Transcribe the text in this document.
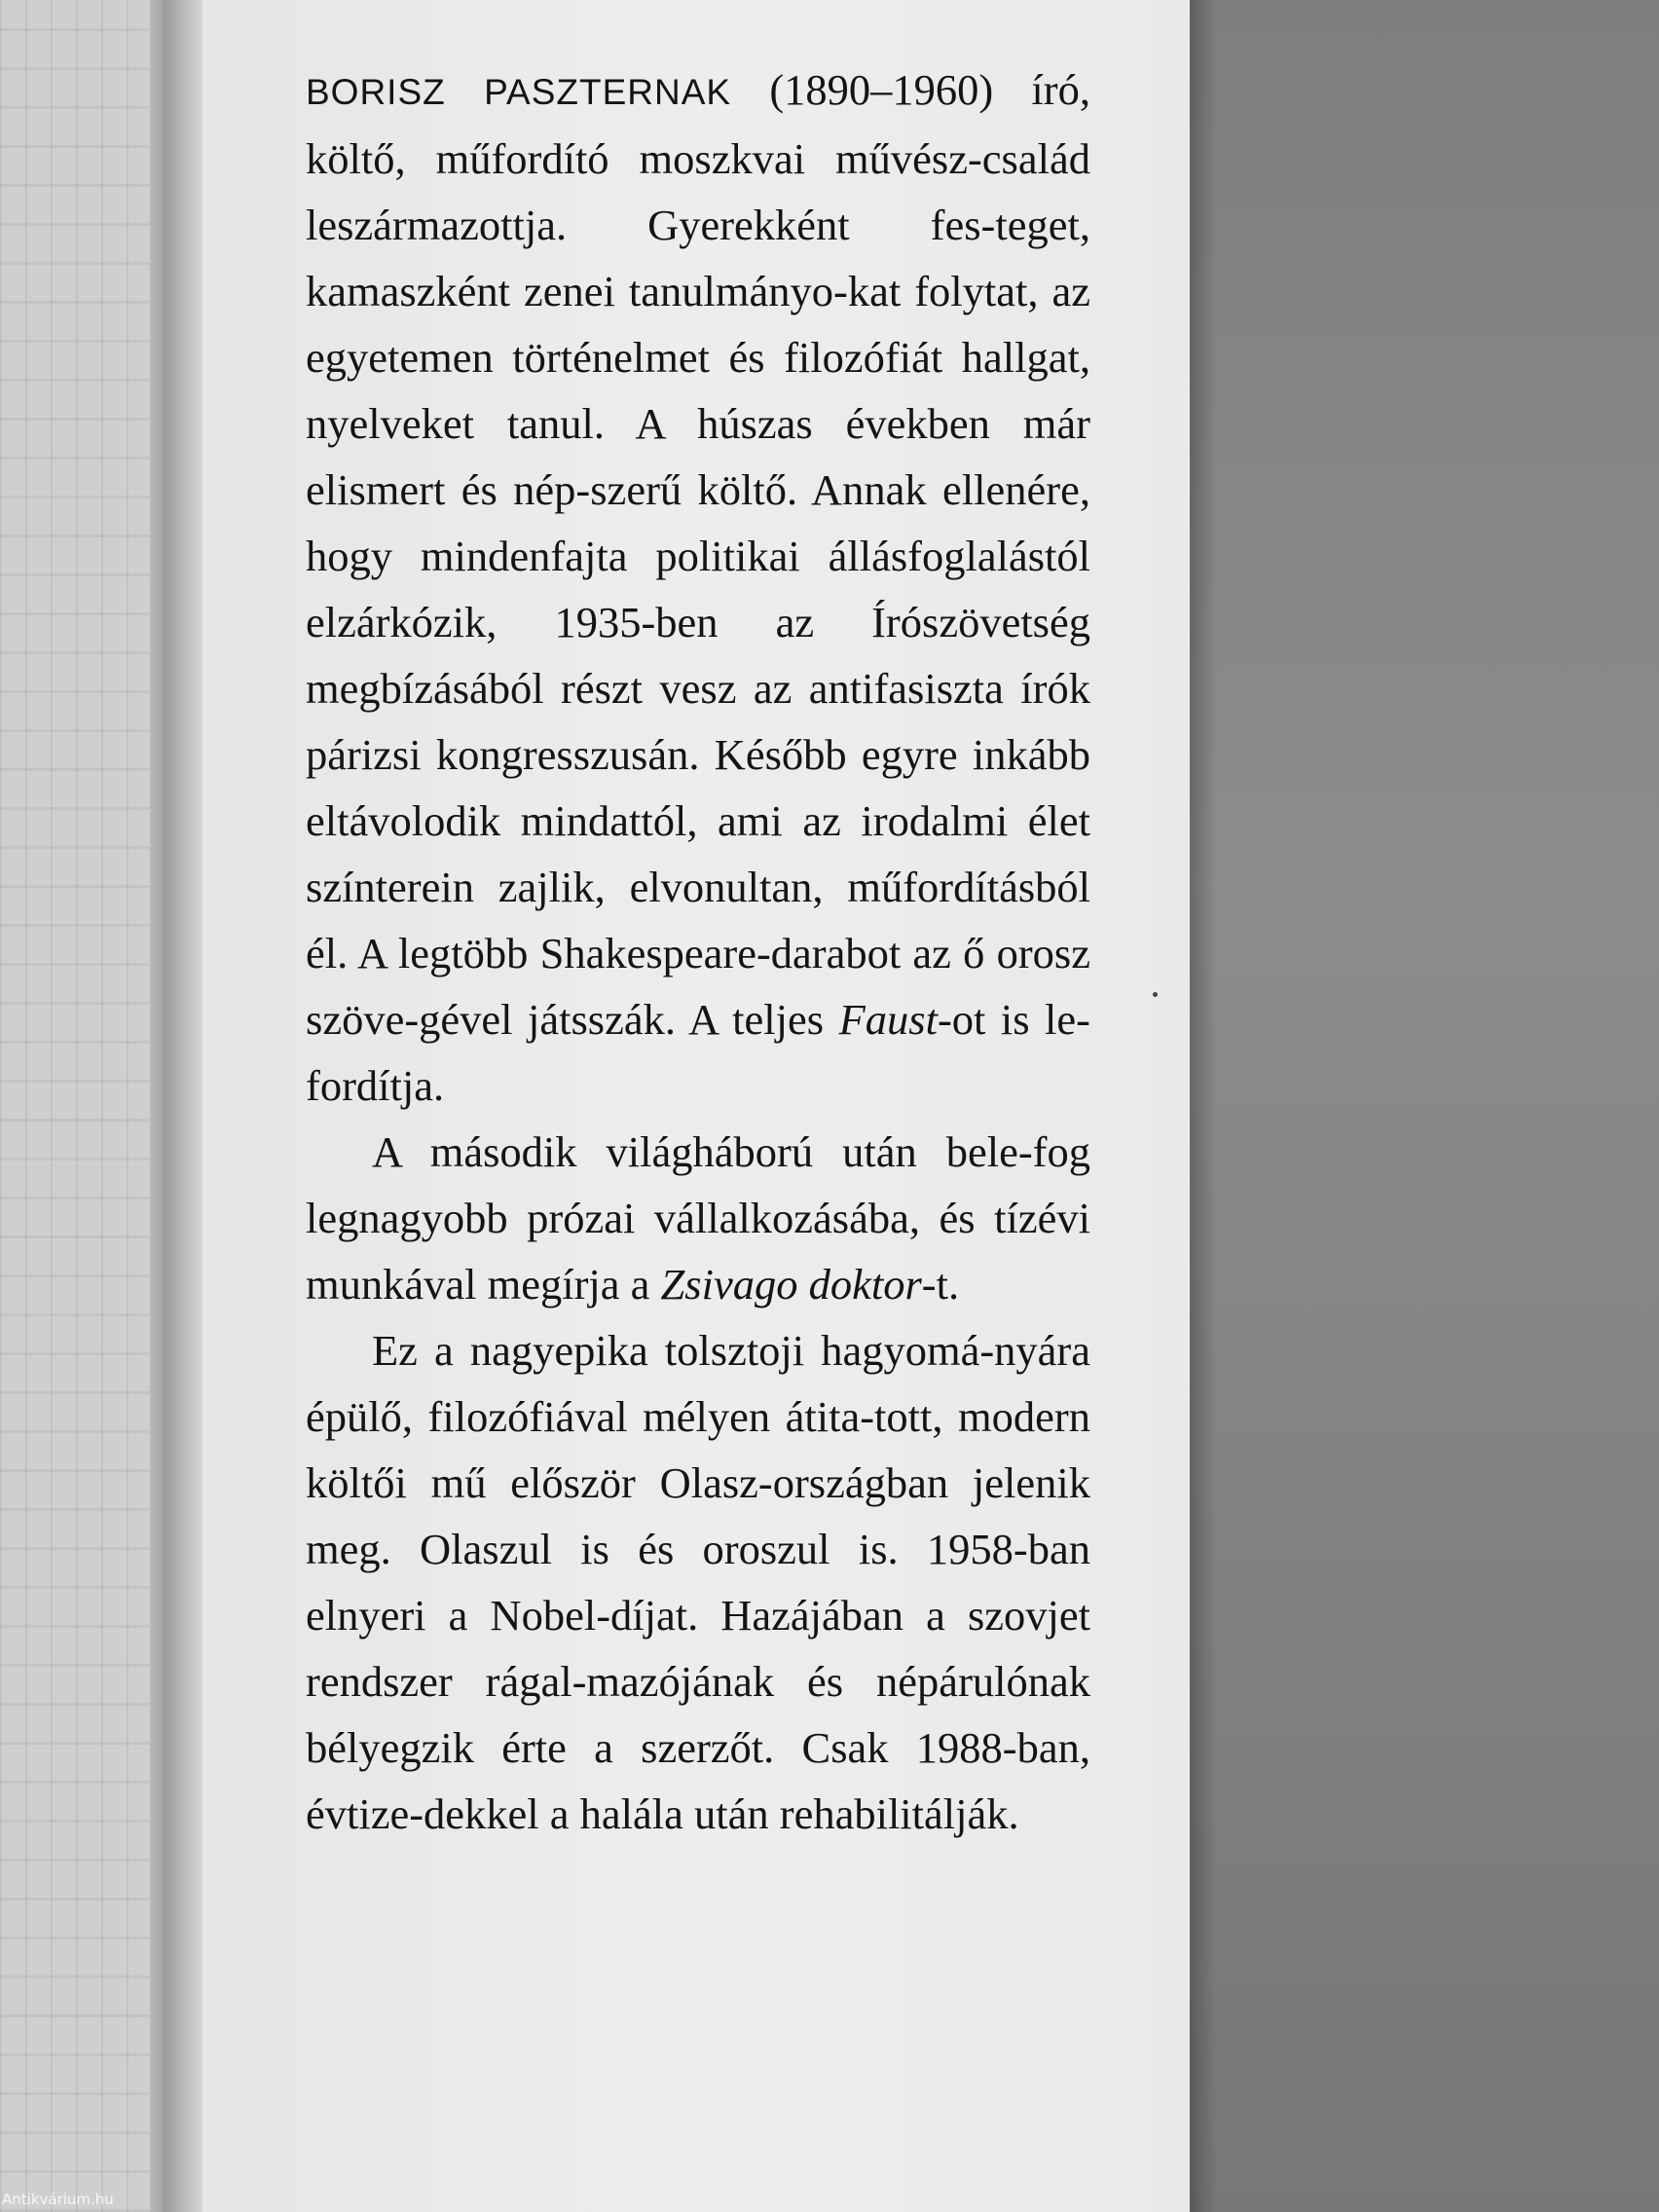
BORISZ PASZTERNAK (1890–1960) író, költő, műfordító moszkvai művész-család leszármazottja. Gyerekként fes-teget, kamaszként zenei tanulmányo-kat folytat, az egyetemen történelmet és filozófiát hallgat, nyelveket tanul. A húszas években már elismert és nép-szerű költő. Annak ellenére, hogy mindenfajta politikai állásfoglalástól elzárkózik, 1935-ben az Írószövetség megbízásából részt vesz az antifasiszta írók párizsi kongresszusán. Később egyre inkább eltávolodik mindattól, ami az irodalmi élet színterein zajlik, elvonultan, műfordításból él. A legtöbb Shakespeare-darabot az ő orosz szöve-gével játsszák. A teljes Faust-ot is le-fordítja.

A második világháború után bele-fog legnagyobb prózai vállalkozásába, és tízévi munkával megírja a Zsivago doktor-t.

Ez a nagyepika tolsztoji hagyomá-nyára épülő, filozófiával mélyen átita-tott, modern költői mű először Olasz-országban jelenik meg. Olaszul is és oroszul is. 1958-ban elnyeri a Nobel-díjat. Hazájában a szovjet rendszer rágal-mazójának és népárulónak bélyegzik érte a szerzőt. Csak 1988-ban, évtize-dekkel a halála után rehabilitálják.

Antikvárium.hu
